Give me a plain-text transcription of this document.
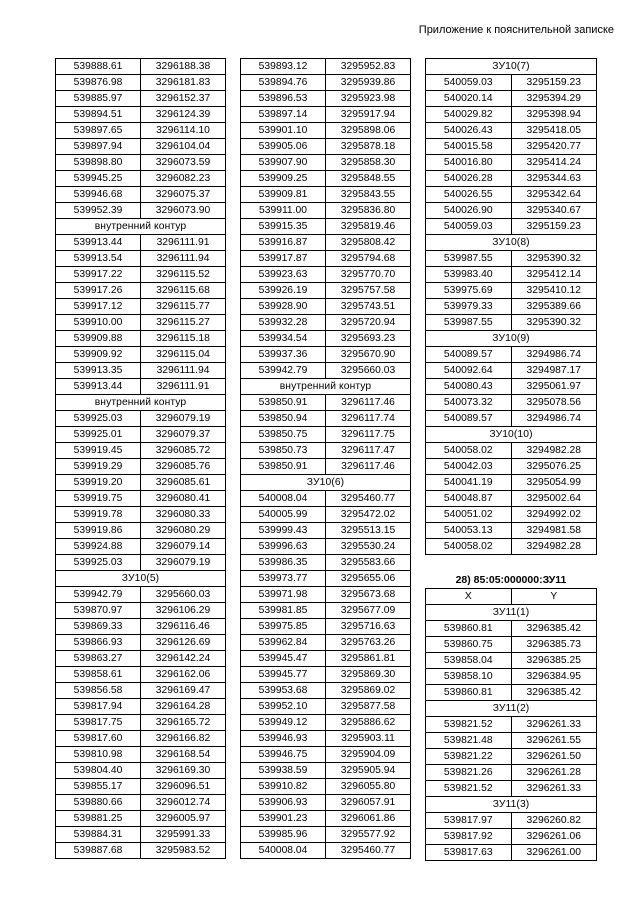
Приложение к пояснительной записке
539888.61	3296188.38
539876.98	3296181.83
539885.97	3296152.37
539894.51	3296124.39
539897.65	3296114.10
539897.94	3296104.04
539898.80	3296073.59
539945.25	3296082.23
539946.68	3296075.37
539952.39	3296073.90
внутренний контур	
539913.44	3296111.91
539913.54	3296111.94
539917.22	3296115.52
539917.26	3296115.68
539917.12	3296115.77
539910.00	3296115.27
539909.88	3296115.18
539909.92	3296115.04
539913.35	3296111.94
539913.44	3296111.91
внутренний контур	
539925.03	3296079.19
539925.01	3296079.37
539919.45	3296085.72
539919.29	3296085.76
539919.20	3296085.61
539919.75	3296080.41
539919.78	3296080.33
539919.86	3296080.29
539924.88	3296079.14
539925.03	3296079.19
ЗУ10(5)	
539942.79	3295660.03
539870.97	3296106.29
539869.33	3296116.46
539866.93	3296126.69
539863.27	3296142.24
539858.61	3296162.06
539856.58	3296169.47
539817.94	3296164.28
539817.75	3296165.72
539817.60	3296166.82
539810.98	3296168.54
539804.40	3296169.30
539855.17	3296096.51
539880.66	3296012.74
539881.25	3296005.97
539884.31	3295991.33
539887.68	3295983.52
539893.12	3295952.83
539894.76	3295939.86
539896.53	3295923.98
539897.14	3295917.94
539901.10	3295898.06
539905.06	3295878.18
539907.90	3295858.30
539909.25	3295848.55
539909.81	3295843.55
539911.00	3295836.80
539915.35	3295819.46
539916.87	3295808.42
539917.87	3295794.68
539923.63	3295770.70
539926.19	3295757.58
539928.90	3295743.51
539932.28	3295720.94
539934.54	3295693.23
539937.36	3295670.90
539942.79	3295660.03
внутренний контур	
539850.91	3296117.46
539850.94	3296117.74
539850.75	3296117.75
539850.73	3296117.47
539850.91	3296117.46
ЗУ10(6)	
540008.04	3295460.77
540005.99	3295472.02
539999.43	3295513.15
539996.63	3295530.24
539986.35	3295583.66
539973.77	3295655.06
539971.98	3295673.68
539981.85	3295677.09
539975.85	3295716.63
539962.84	3295763.26
539945.47	3295861.81
539945.77	3295869.30
539953.68	3295869.02
539952.10	3295877.58
539949.12	3295886.62
539946.93	3295903.11
539946.75	3295904.09
539938.59	3295905.94
539910.82	3296055.80
539906.93	3296057.91
539901.23	3296061.86
539985.96	3295577.92
540008.04	3295460.77
ЗУ10(7)	
540059.03	3295159.23
540020.14	3295394.29
540029.82	3295398.94
540026.43	3295418.05
540015.58	3295420.77
540016.80	3295414.24
540026.28	3295344.63
540026.55	3295342.64
540026.90	3295340.67
540059.03	3295159.23
ЗУ10(8)	
539987.55	3295390.32
539983.40	3295412.14
539975.69	3295410.12
539979.33	3295389.66
539987.55	3295390.32
ЗУ10(9)	
540089.57	3294986.74
540092.64	3294987.17
540080.43	3295061.97
540073.32	3295078.56
540089.57	3294986.74
ЗУ10(10)	
540058.02	3294982.28
540042.03	3295076.25
540041.19	3295054.99
540048.87	3295002.64
540051.02	3294992.02
540053.13	3294981.58
540058.02	3294982.28
28) 85:05:000000:ЗУ11
X	Y
ЗУ11(1)	
539860.81	3296385.42
539860.75	3296385.73
539858.04	3296385.25
539858.10	3296384.95
539860.81	3296385.42
ЗУ11(2)	
539821.52	3296261.33
539821.48	3296261.55
539821.22	3296261.50
539821.26	3296261.28
539821.52	3296261.33
ЗУ11(3)	
539817.97	3296260.82
539817.92	3296261.06
539817.63	3296261.00
